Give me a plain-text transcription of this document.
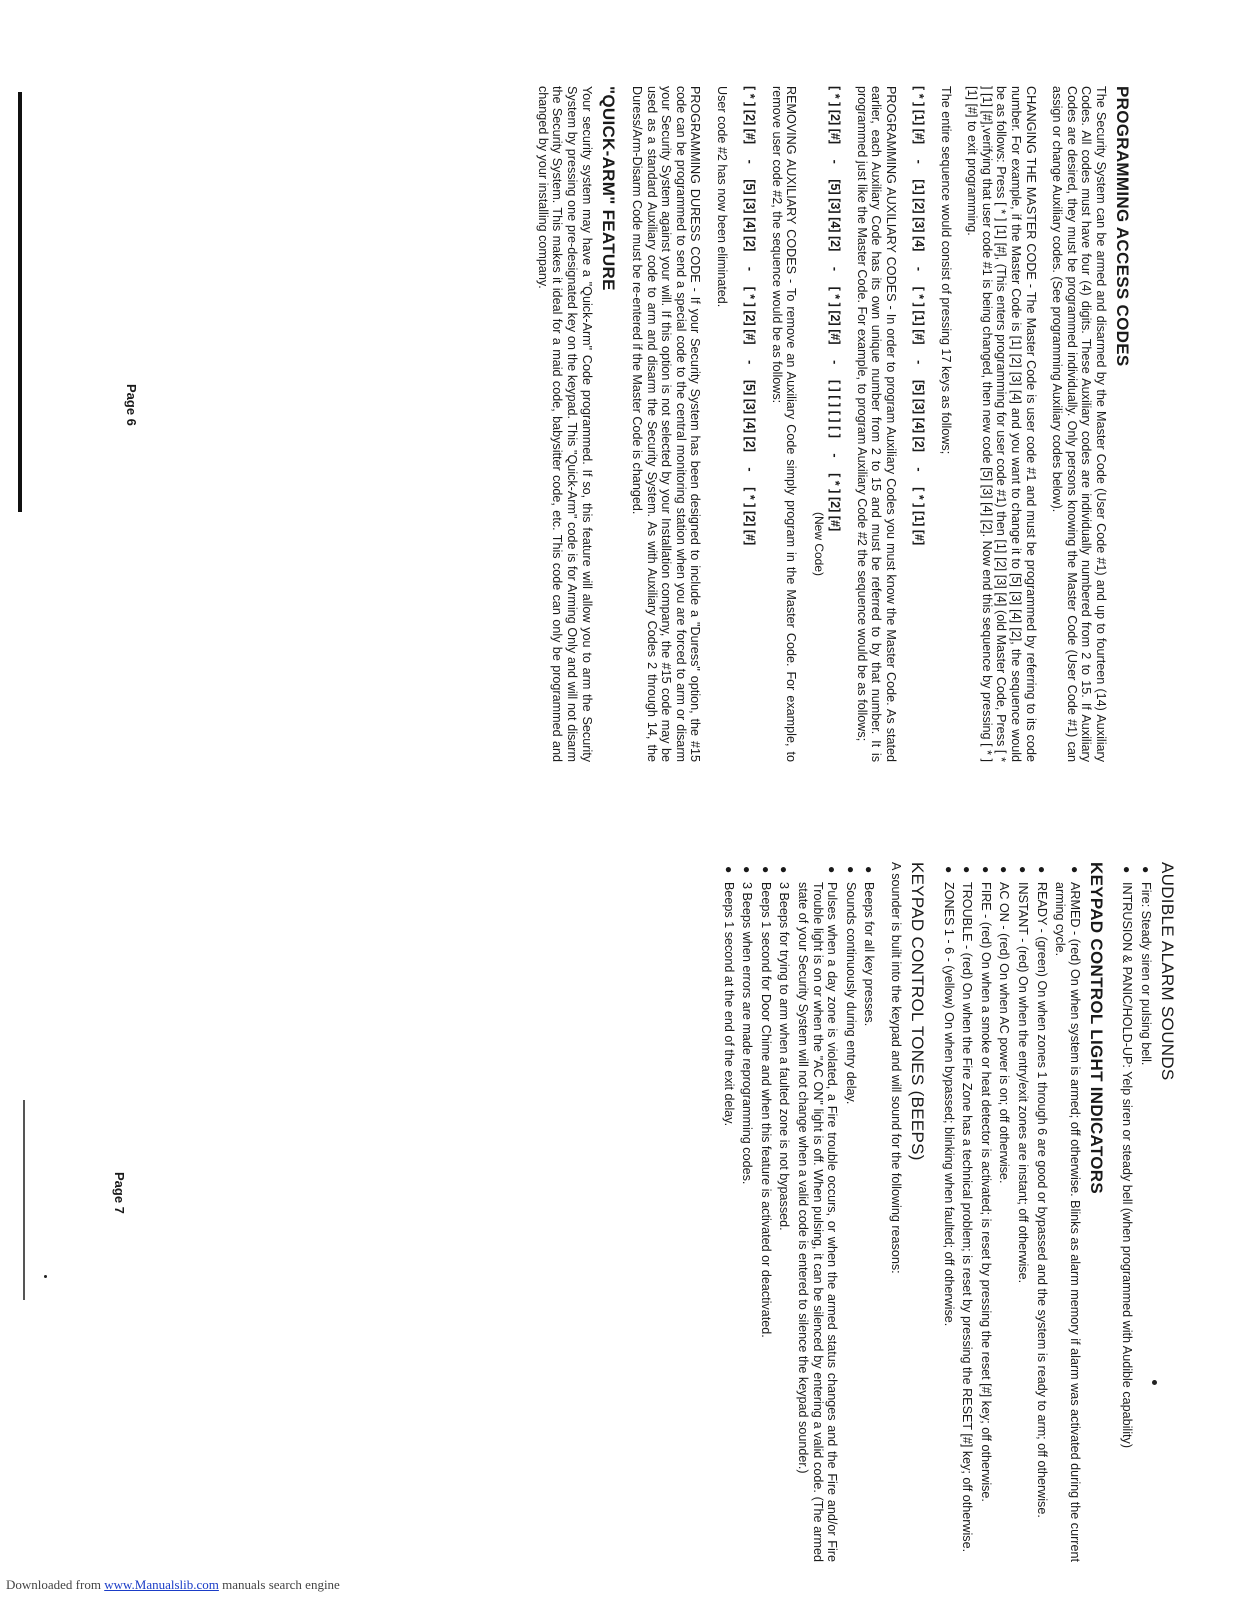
PROGRAMMING ACCESS CODES

The Security System can be armed and disarmed by the Master Code (User Code #1) and up to fourteen (14) Auxiliary Codes. All codes must have four (4) digits. These Auxiliary codes are individually numbered from 2 to 15. If Auxiliary Codes are desired, they must be programmed individually. Only persons knowing the Master Code (User Code #1) can assign or change Auxiliary codes. (See programming Auxiliary codes below).

CHANGING THE MASTER CODE - The Master Code is user code #1 and must be programmed by referring to its code number. For example, if the Master Code is [1] [2] [3] [4] and you want to change it to [5] [3] [4] [2], the sequence would be as follows: Press [ * ] [1] [#], (This enters programming for user code #1) then [1] [2] [3] [4] (old Master Code, Press [ * ] [1] [#],verifying that user code #1 is being changed, then new code [5] [3] [4] [2]. Now end this sequence by pressing [ * ] [1] [#] to exit programming.

The entire sequence would consist of pressing 17 keys as follows;

[ * ] [1] [#] - [1] [2] [3] [4] - [ * ] [1] [#] - [5] [3] [4] [2] - [ * ] [1] [#]

PROGRAMMING AUXILIARY CODES - In order to program Auxiliary Codes you must know the Master Code. As stated earlier, each Auxiliary Code has its own unique number from 2 to 15 and must be referred to by that number. It is programmed just like the Master Code. For example, to program Auxiliary Code #2 the sequence would be as follows;

[ * ] [2] [#] - [5] [3] [4] [2] - [ * ] [2] [#] - [ ] [ ] [ ] [ ] - [ * ] [2] [#]
(New Code)

REMOVING AUXILIARY CODES - To remove an Auxiliary Code simply program in the Master Code. For example, to remove user code #2, the sequence would be as follows:

[ * ] [2] [#] - [5] [3] [4] [2] - [ * ] [2] [#] - [5] [3] [4] [2] - [ * ] [2] [#]

User code #2 has now been eliminated.

PROGRAMMING DURESS CODE - If your Security System has been designed to include a "Duress" option, the #15 code can be programmed to send a special code to the central monitoring station when you are forced to arm or disarm your Security System against your will. If this option is not selected by your Installation company, the #15 code may be used as a standard Auxiliary code to arm and disarm the Security System. As with Auxiliary Codes 2 through 14, the Duress/Arm-Disarm Code must be re-entered if the Master Code is changed.

"QUICK-ARM" FEATURE

Your security system may have a "Quick-Arm" Code programmed. If so, this feature will allow you to arm the Security System by pressing one pre-designated key on the keypad. This "Quick-Arm" code is for Arming Only and will not disarm the Security System. This makes it ideal for a maid code, babysitter code, etc. This code can only be programmed and changed by your installing company.

Page 6
AUDIBLE ALARM SOUNDS
●
Fire: Steady siren or pulsing bell.
●
INTRUSION & PANIC/HOLD-UP: Yelp siren or steady bell (when programmed with Audible capability)
KEYPAD CONTROL LIGHT INDICATORS
●
ARMED - (red) On when system is armed; off otherwise. Blinks as alarm memory if alarm was activated during the current arming cycle.
●
READY - (green) On when zones 1 through 6 are good or bypassed and the system is ready to arm; off otherwise.
●
INSTANT - (red) On when the entry/exit zones are instant; off otherwise.
●
AC ON - (red) On when AC power is on; off otherwise.
●
FIRE - (red) On when a smoke or heat detector is activated; is reset by pressing the reset [#] key; off otherwise.
●
TROUBLE - (red) On when the Fire Zone has a technical problem; is reset by pressing the RESET [#] key; off otherwise.
●
ZONES 1 - 6 - (yellow) On when bypassed; blinking when faulted; off otherwise.
KEYPAD CONTROL TONES (BEEPS)

A sounder is built into the keypad and will sound for the following reasons:

●
Beeps for all key presses.
●
Sounds continuously during entry delay.
●
Pulses when a day zone is violated, a Fire trouble occurs, or when the armed status changes and the Fire and/or Fire Trouble light is on or when the "AC ON" light is off. When pulsing, it can be silenced by entering a valid code. (The armed state of your Security System will not change when a valid code is entered to silence the keypad sounder.)
●
3 Beeps for trying to arm when a faulted zone is not bypassed.
●
Beeps 1 second for Door Chime and when this feature is activated or deactivated.
●
3 Beeps when errors are made reprogramming codes.
●
Beeps 1 second at the end of the exit delay.
Page 7
Downloaded from www.Manualslib.com manuals search engine
